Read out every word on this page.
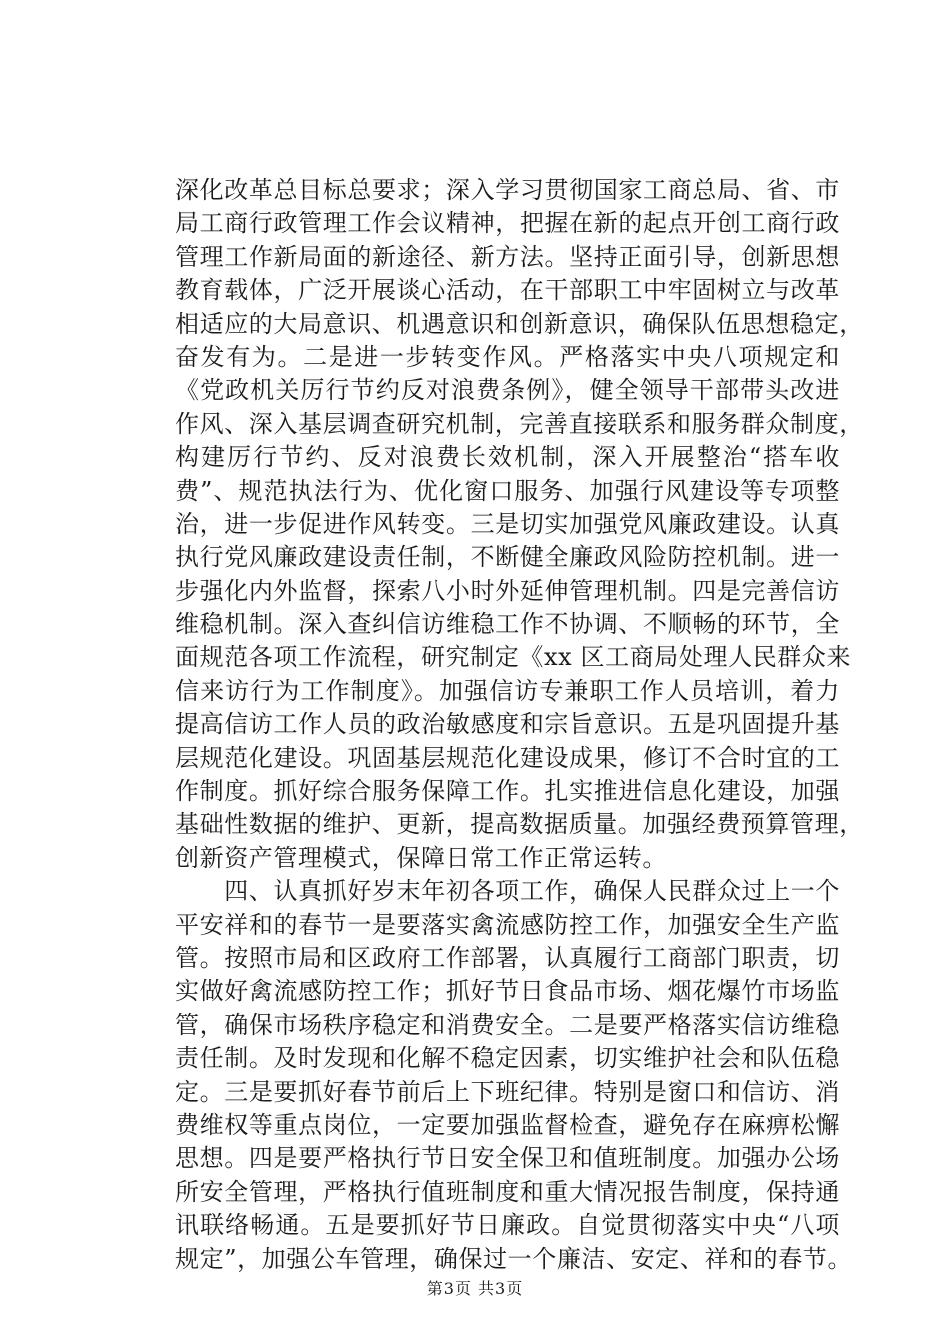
深化改革总目标总要求；深入学习贯彻国家工商总局、省、市
局工商行政管理工作会议精神，把握在新的起点开创工商行政
管理工作新局面的新途径、新方法。坚持正面引导，创新思想
教育载体，广泛开展谈心活动，在干部职工中牢固树立与改革
相适应的大局意识、机遇意识和创新意识，确保队伍思想稳定，
奋发有为。二是进一步转变作风。严格落实中央八项规定和
《党政机关厉行节约反对浪费条例》，健全领导干部带头改进
作风、深入基层调查研究机制，完善直接联系和服务群众制度，
构建厉行节约、反对浪费长效机制，深入开展整治“搭车收
费”、规范执法行为、优化窗口服务、加强行风建设等专项整
治，进一步促进作风转变。三是切实加强党风廉政建设。认真
执行党风廉政建设责任制，不断健全廉政风险防控机制。进一
步强化内外监督，探索八小时外延伸管理机制。四是完善信访
维稳机制。深入查纠信访维稳工作不协调、不顺畅的环节，全
面规范各项工作流程，研究制定《xx 区工商局处理人民群众来
信来访行为工作制度》。加强信访专兼职工作人员培训，着力
提高信访工作人员的政治敏感度和宗旨意识。五是巩固提升基
层规范化建设。巩固基层规范化建设成果，修订不合时宜的工
作制度。抓好综合服务保障工作。扎实推进信息化建设，加强
基础性数据的维护、更新，提高数据质量。加强经费预算管理，
创新资产管理模式，保障日常工作正常运转。
　　四、认真抓好岁末年初各项工作，确保人民群众过上一个
平安祥和的春节一是要落实禽流感防控工作，加强安全生产监
管。按照市局和区政府工作部署，认真履行工商部门职责，切
实做好禽流感防控工作；抓好节日食品市场、烟花爆竹市场监
管，确保市场秩序稳定和消费安全。二是要严格落实信访维稳
责任制。及时发现和化解不稳定因素，切实维护社会和队伍稳
定。三是要抓好春节前后上下班纪律。特别是窗口和信访、消
费维权等重点岗位，一定要加强监督检查，避免存在麻痹松懈
思想。四是要严格执行节日安全保卫和值班制度。加强办公场
所安全管理，严格执行值班制度和重大情况报告制度，保持通
讯联络畅通。五是要抓好节日廉政。自觉贯彻落实中央“八项
规定”，加强公车管理，确保过一个廉洁、安定、祥和的春节。
第3页 共3页
